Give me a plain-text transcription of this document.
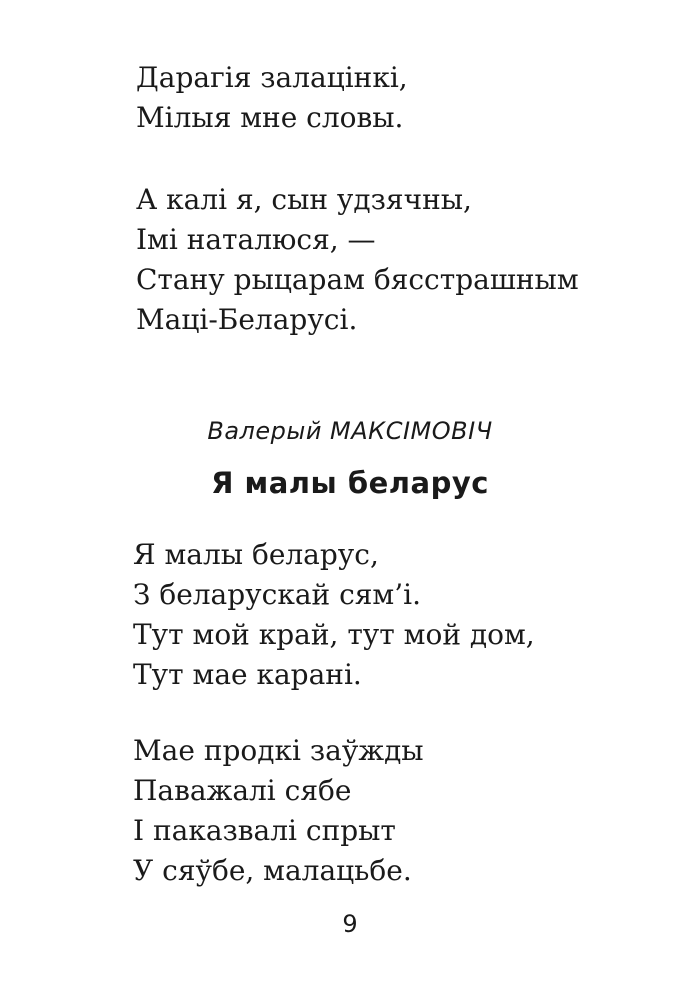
Дарагія залацінкі,
Мілыя мне словы.
А калі я, сын удзячны,
Імі наталюся, —
Стану рыцарам бясстрашным
Маці-Беларусі.
Валерый МАКСІМОВІЧ
Я малы беларус
Я малы беларус,
З беларускай сям’і.
Тут мой край, тут мой дом,
Тут мае карані.
Мае продкі заўжды
Паважалі сябе
І паказвалі спрыт
У сяўбе, малацьбе.
9
